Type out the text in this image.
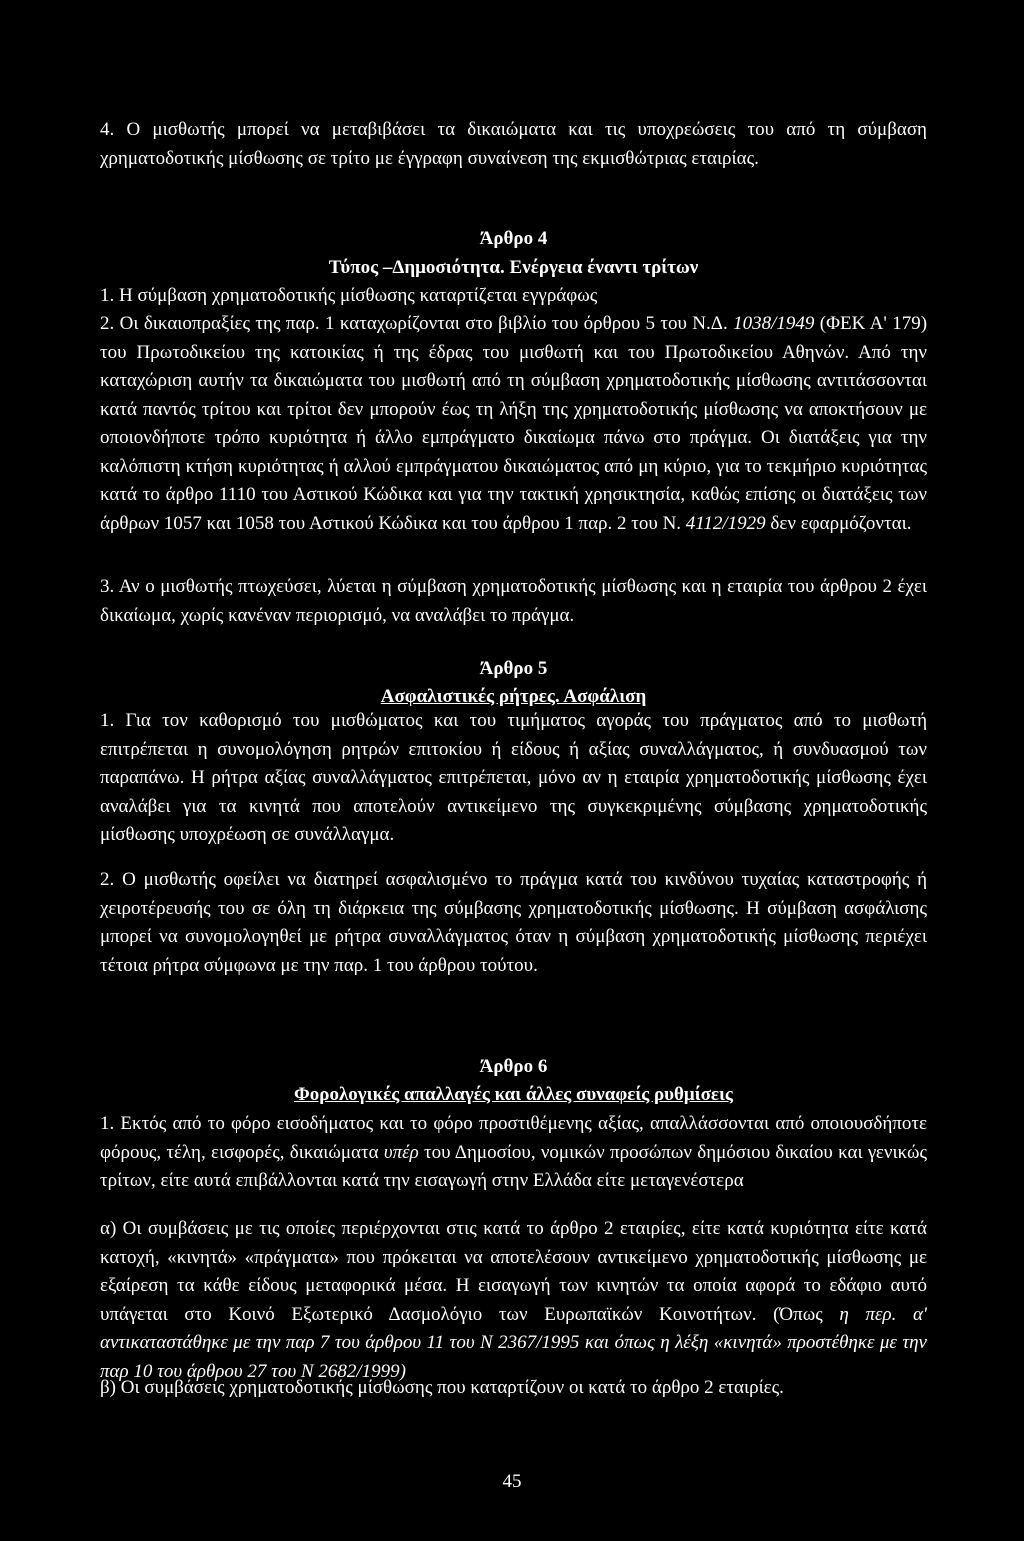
4. Ο μισθωτής μπορεί να μεταβιβάσει τα δικαιώματα και τις υποχρεώσεις του από τη σύμβαση χρηματοδοτικής μίσθωσης σε τρίτο με έγγραφη συναίνεση της εκμισθώτριας εταιρίας.

Άρθρο 4

Τύπος –Δημοσιότητα. Ενέργεια έναντι τρίτων

1. Η σύμβαση χρηματοδοτικής μίσθωσης καταρτίζεται εγγράφως

2. Οι δικαιοπραξίες της παρ. 1 καταχωρίζονται στο βιβλίο του όρθρου 5 του Ν.Δ. 1038/1949 (ΦΕΚ Α' 179) του Πρωτοδικείου της κατοικίας ή της έδρας του μισθωτή και του Πρωτοδικείου Αθηνών. Από την καταχώριση αυτήν τα δικαιώματα του μισθωτή από τη σύμβαση χρηματοδοτικής μίσθωσης αντιτάσσονται κατά παντός τρίτου και τρίτοι δεν μπορούν έως τη λήξη της χρηματοδοτικής μίσθωσης να αποκτήσουν με οποιονδήποτε τρόπο κυριότητα ή άλλο εμπράγματο δικαίωμα πάνω στο πράγμα. Οι διατάξεις για την καλόπιστη κτήση κυριότητας ή αλλού εμπράγματου δικαιώματος από μη κύριο, για το τεκμήριο κυριότητας κατά το άρθρο 1110 του Αστικού Κώδικα και για την τακτική χρησικτησία, καθώς επίσης οι διατάξεις των άρθρων 1057 και 1058 του Αστικού Κώδικα και του άρθρου 1 παρ. 2 του Ν. 4112/1929 δεν εφαρμόζονται.

3. Αν ο μισθωτής πτωχεύσει, λύεται η σύμβαση χρηματοδοτικής μίσθωσης και η εταιρία του άρθρου 2 έχει δικαίωμα, χωρίς κανέναν περιορισμό, να αναλάβει το πράγμα.

Άρθρο 5

Ασφαλιστικές ρήτρες. Ασφάλιση

1. Για τον καθορισμό του μισθώματος και του τιμήματος αγοράς του πράγματος από το μισθωτή επιτρέπεται η συνομολόγηση ρητρών επιτοκίου ή είδους ή αξίας συναλλάγματος, ή συνδυασμού των παραπάνω. Η ρήτρα αξίας συναλλάγματος επιτρέπεται, μόνο αν η εταιρία χρηματοδοτικής μίσθωσης έχει αναλάβει για τα κινητά που αποτελούν αντικείμενο της συγκεκριμένης σύμβασης χρηματοδοτικής μίσθωσης υποχρέωση σε συνάλλαγμα.

2. Ο μισθωτής οφείλει να διατηρεί ασφαλισμένο το πράγμα κατά του κινδύνου τυχαίας καταστροφής ή χειροτέρευσής του σε όλη τη διάρκεια της σύμβασης χρηματοδοτικής μίσθωσης. Η σύμβαση ασφάλισης μπορεί να συνομολογηθεί με ρήτρα συναλλάγματος όταν η σύμβαση χρηματοδοτικής μίσθωσης περιέχει τέτοια ρήτρα σύμφωνα με την παρ. 1 του άρθρου τούτου.

Άρθρο 6

Φορολογικές απαλλαγές και άλλες συναφείς ρυθμίσεις

1. Εκτός από το φόρο εισοδήματος και το φόρο προστιθέμενης αξίας, απαλλάσσονται από οποιουσδήποτε φόρους, τέλη, εισφορές, δικαιώματα υπέρ του Δημοσίου, νομικών προσώπων δημόσιου δικαίου και γενικώς τρίτων, είτε αυτά επιβάλλονται κατά την εισαγωγή στην Ελλάδα είτε μεταγενέστερα

α) Οι συμβάσεις με τις οποίες περιέρχονται στις κατά το άρθρο 2 εταιρίες, είτε κατά κυριότητα είτε κατά κατοχή, «κινητά» «πράγματα» που πρόκειται να αποτελέσουν αντικείμενο χρηματοδοτικής μίσθωσης με εξαίρεση τα κάθε είδους μεταφορικά μέσα. Η εισαγωγή των κινητών τα οποία αφορά το εδάφιο αυτό υπάγεται στο Κοινό Εξωτερικό Δασμολόγιο των Ευρωπαϊκών Κοινοτήτων. (Όπως η περ. α' αντικαταστάθηκε με την παρ 7 του άρθρου 11 του Ν 2367/1995 και όπως η λέξη «κινητά» προστέθηκε με την παρ 10 του άρθρου 27 του Ν 2682/1999)

β) Οι συμβάσεις χρηματοδοτικής μίσθωσης που καταρτίζουν οι κατά το άρθρο 2 εταιρίες.

45
